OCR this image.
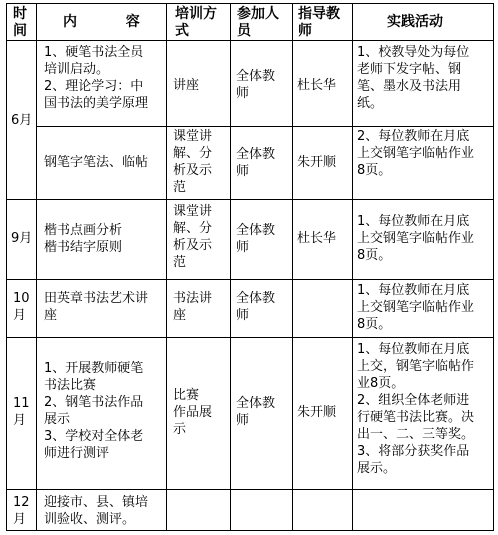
时
间
内          容	培训方
式
参加人
员
指导教
师
实践活动
6月
9月
10
月
11
月
12
月
1、硬笔书法全员
培训启动。
2、理论学习：中
国书法的美学原理
讲座
全体教
师
杜长华
1、校教导处为每位
老师下发字帖、钢
笔、墨水及书法用
纸。
钢笔字笔法、临帖
课堂讲
解、分
析及示
范
全体教
师
朱开顺
2、每位教师在月底
上交钢笔字临帖作业
8页。
楷书点画分析
楷书结字原则
课堂讲
解、分
析及示
范
全体教
师
杜长华
1、每位教师在月底
上交钢笔字临帖作业
8页。
田英章书法艺术讲
座
书法讲
座
全体教
师
1、每位教师在月底
上交钢笔字临帖作业
8页。
1、开展教师硬笔
书法比赛
2、钢笔书法作品
展示
3、学校对全体老
师进行测评
比赛
作品展
示
全体教
师
朱开顺
1、每位教师在月底
上交，钢笔字临帖作
业8页。
2、组织全体老师进
行硬笔书法比赛。决
出一、二、三等奖。
3、将部分获奖作品
展示。
迎接市、县、镇培
训验收、测评。
